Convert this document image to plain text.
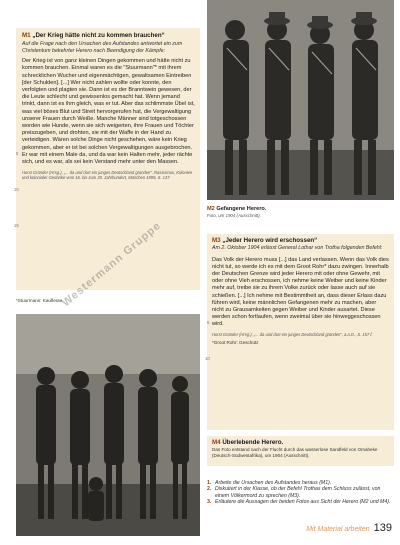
M1 „Der Krieg hätte nicht zu kommen brauchen“
Auf die Frage nach den Ursachen des Aufstandes antwortet ein zum Christentum bekehrter Herero nach Beendigung der Kämpfe:

Der Krieg ist von ganz kleinen Dingen gekommen und hätte nicht zu kommen brauchen. Einmal waren es die "Stuurmann"* mit ihrem schrecklichen Wucher und eigenmächtigen, gewaltsamen Eintreiben [der Schulden]. [...] Wer nicht zahlen wollte oder konnte, den verfolgten und plagten sie. Dann ist es der Branntwein gewesen, der die Leute schlecht und gewissenlos gemacht hat. Wenn jemand trinkt, dann ist es ihm gleich, was er tut. Aber das schlimmste Übel ist, was viel böses Blut und Streit hervorgerufen hat, die Vergewaltigung unserer Frauen durch Weiße. Manche Männer sind totgeschossen worden wie Hunde, wenn sie sich weigerten, ihre Frauen und Töchter preiszugeben, und drohten, sie mit der Waffe in der Hand zu verteidigen. Wären solche Dinge nicht geschehen, wäre kein Krieg gekommen, aber er ist bei solchen Vergewaltigungen ausgebrochen. Er war mit einem Male da, und da war kein Halten mehr, jeder rächte sich, und es war, als sei kein Verstand mehr unter den Massen.

5
10
15
Horst Gründer (Hrsg.), „... da und dort ein junges Deutschland gründen“. Rassismus, Kolonien und kolonialer Gedanke vom 16. bis zum 20. Jahrhundert, München 1999, S. 137
*Stuurmann: Kaufleute
M2 Gefangene Herero.
Foto, um 1904 (Ausschnitt).
M3 „Jeder Herero wird erschossen“
Am 2. Oktober 1904 erlässt General Lothar von Trotha folgenden Befehl:

Das Volk der Herero muss [...] das Land verlassen. Wenn das Volk dies nicht tut, so werde ich es mit dem Groot Rohr* dazu zwingen. Innerhalb der Deutschen Grenze wird jeder Herero mit oder ohne Gewehr, mit oder ohne Vieh erschossen, ich nehme keine Weiber und keine Kinder mehr auf, treibe sie zu ihrem Volke zurück oder lasse auch auf sie schießen. [...] Ich nehme mit Bestimmtheit an, dass dieser Erlass dazu führen wird, keine männlichen Gefangenen mehr zu machen, aber nicht zu Grausamkeiten gegen Weiber und Kinder ausartet. Diese werden schon fortlaufen, wenn zweimal über sie hinweggeschossen wird.

5
10
Horst Gründer (Hrsg.), „... da und dort ein junges Deutschland gründen“, a.a.O., S. 157 f.
*Groot Rohr: Geschütz
M4 Überlebende Herero.
Das Foto entstand nach der Flucht durch das wasserlose Sandfeld von Omaheke (Deutsch-Südwestafrika), um 1904 (Ausschnitt).
1. Arbeite die Ursachen des Aufstandes heraus (M1).
2. Diskutiert in der Klasse, ob der Befehl Trothas dem Schluss zulässt, von einem Völkermord zu sprechen (M3).
3. Erläutere die Aussagen der beiden Fotos aus Sicht der Herero (M2 und M4).
Mit Material arbeiten 139
Westermann Gruppe
